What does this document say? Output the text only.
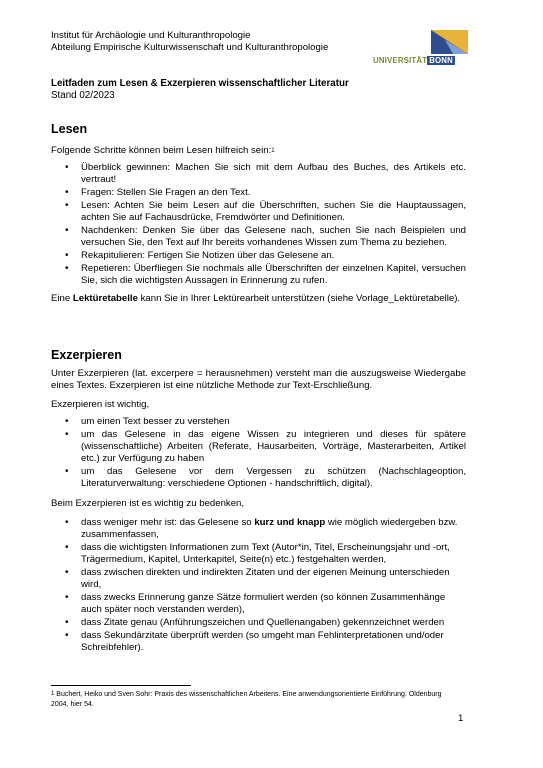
Institut für Archäologie und Kulturanthropologie
Abteilung Empirische Kulturwissenschaft und Kulturanthropologie
UNIVERSITÄT BONN
Leitfaden zum Lesen & Exzerpieren wissenschaftlicher Literatur
Stand 02/2023
Lesen

Folgende Schritte können beim Lesen hilfreich sein:$^1$

• Überblick gewinnen: Machen Sie sich mit dem Aufbau des Buches, des Artikels etc. vertraut!
• Fragen: Stellen Sie Fragen an den Text.
• Lesen: Achten Sie beim Lesen auf die Überschriften, suchen Sie die Hauptaussagen, achten Sie auf Fachausdrücke, Fremdwörter und Definitionen.
• Nachdenken: Denken Sie über das Gelesene nach, suchen Sie nach Beispielen und versuchen Sie, den Text auf Ihr bereits vorhandenes Wissen zum Thema zu beziehen.
• Rekapitulieren: Fertigen Sie Notizen über das Gelesene an.
• Repetieren: Überfliegen Sie nochmals alle Überschriften der einzelnen Kapitel, versuchen Sie, sich die wichtigsten Aussagen in Erinnerung zu rufen.

Eine Lektüretabelle kann Sie in Ihrer Lektürearbeit unterstützen (siehe Vorlage_Lektüretabelle).

Exzerpieren

Unter Exzerpieren (lat. excerpere = herausnehmen) versteht man die auszugsweise Wiedergabe eines Textes. Exzerpieren ist eine nützliche Methode zur Text-Erschließung.

Exzerpieren ist wichtig,

• um einen Text besser zu verstehen
• um das Gelesene in das eigene Wissen zu integrieren und dieses für spätere (wissenschaftliche) Arbeiten (Referate, Hausarbeiten, Vorträge, Masterarbeiten, Artikel etc.) zur Verfügung zu haben
• um das Gelesene vor dem Vergessen zu schützen (Nachschlageoption, Literaturverwaltung: verschiedene Optionen - handschriftlich, digital).

Beim Exzerpieren ist es wichtig zu bedenken,

• dass weniger mehr ist: das Gelesene so kurz und knapp wie möglich wiedergeben bzw. zusammenfassen,
• dass die wichtigsten Informationen zum Text (Autor*in, Titel, Erscheinungsjahr und -ort, Trägermedium, Kapitel, Unterkapitel, Seite(n) etc.) festgehalten werden,
• dass zwischen direkten und indirekten Zitaten und der eigenen Meinung unterschieden wird,
• dass zwecks Erinnerung ganze Sätze formuliert werden (so können Zusammenhänge auch später noch verstanden werden),
• dass Zitate genau (Anführungszeichen und Quellenangaben) gekennzeichnet werden
• dass Sekundärzitate überprüft werden (so umgeht man Fehlinterpretationen und/oder Schreibfehler).
$^1$ Buchert, Heiko und Sven Sohr: Praxis des wissenschaftlichen Arbeitens. Eine anwendungsorientierte Einführung. Oldenburg 2004, hier 54.
1
